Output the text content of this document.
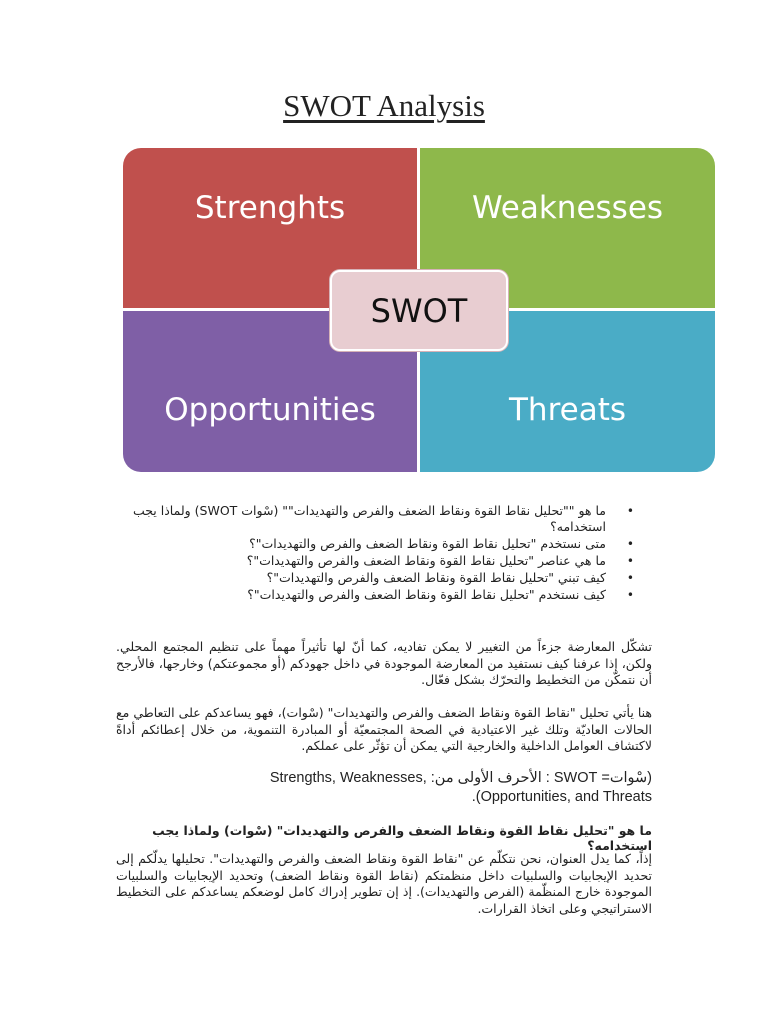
SWOT Analysis
Strenghts	Weaknesses
Opportunities	Threats
SWOT
• ما هو ""تحليل نقاط القوة ونقاط الضعف والفرص والتهديدات"" (سْوات SWOT) ولماذا يجب استخدامه؟
• متى نستخدم "تحليل نقاط القوة ونقاط الضعف والفرص والتهديدات"؟
• ما هي عناصر "تحليل نقاط القوة ونقاط الضعف والفرص والتهديدات"؟
• كيف تبني "تحليل نقاط القوة ونقاط الضعف والفرص والتهديدات"؟
• كيف نستخدم "تحليل نقاط القوة ونقاط الضعف والفرص والتهديدات"؟

تشكّل المعارضة جزءاً من التغيير لا يمكن تفاديه، كما أنّ لها تأثيراً مهماً على تنظيم المجتمع المحلي. ولكن، إذا عرفنا كيف نستفيد من المعارضة الموجودة في داخل جهودكم (أو مجموعتكم) وخارجها، فالأرجح أن نتمكّن من التخطيط والتحرّك بشكل فعّال.

هنا يأتي تحليل "نقاط القوة ونقاط الضعف والفرص والتهديدات" (سْوات)، فهو يساعدكم على التعاطي مع الحالات العاديّة وتلك غير الاعتيادية في الصحة المجتمعيّة أو المبادرة التنموية، من خلال إعطائكم أداةً لاكتشاف العوامل الداخلية والخارجية التي يمكن أن تؤثّر على عملكم.

(سْوات= SWOT : الأحرف الأولى من: ,Strengths, Weaknesses
Opportunities, and Threats).

ما هو "تحليل نقاط القوة ونقاط الضعف والفرص والتهديدات" (سْوات) ولماذا يجب استخدامه؟

إذاً، كما يدل العنوان، نحن نتكلّم عن "نقاط القوة ونقاط الضعف والفرص والتهديدات". تحليلها يدلّكم إلى تحديد الإيجابيات والسلبيات داخل منظمتكم (نقاط القوة ونقاط الضعف) وتحديد الإيجابيات والسلبيات الموجودة خارج المنظّمة (الفرص والتهديدات). إذ إن تطوير إدراك كامل لوضعكم يساعدكم على التخطيط الاستراتيجي وعلى اتخاذ القرارات.
